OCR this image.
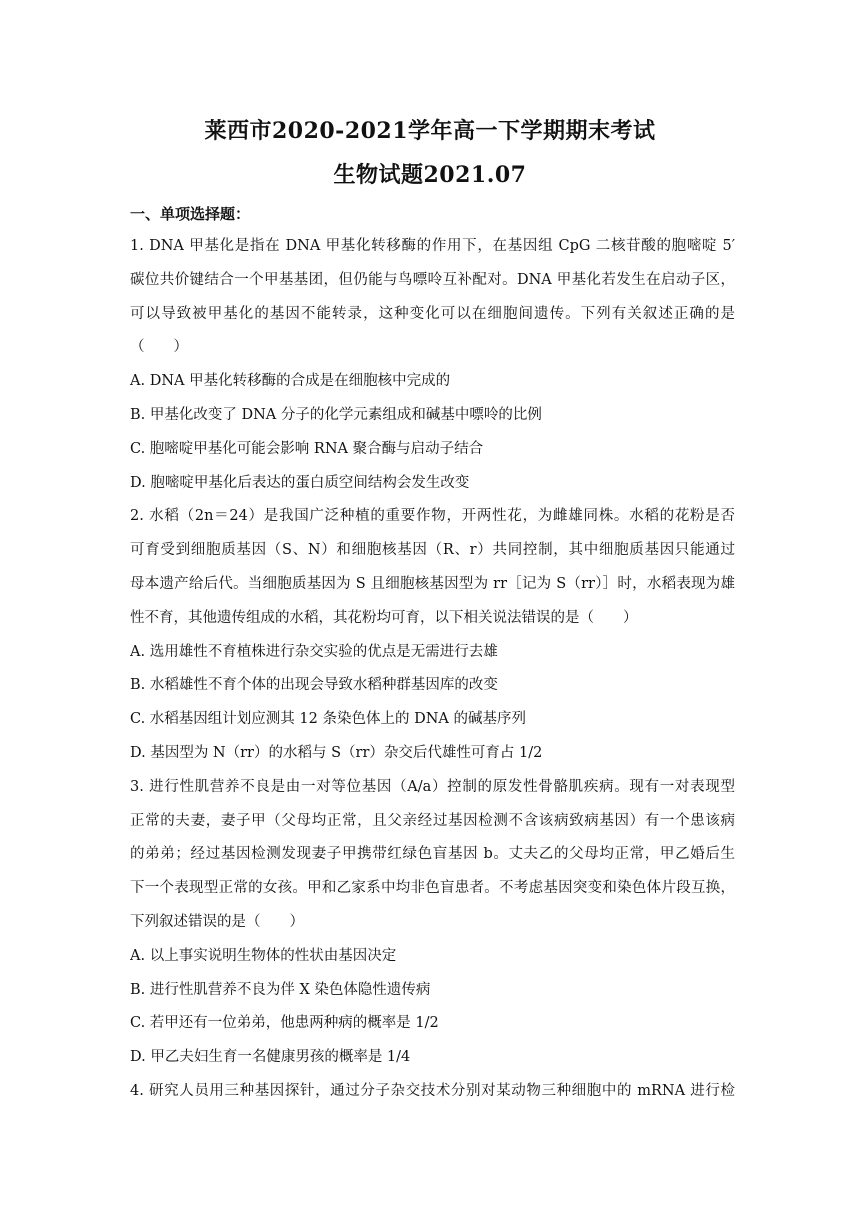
莱西市2020-2021学年高一下学期期末考试
生物试题2021.07
一、单项选择题：
1. DNA 甲基化是指在 DNA 甲基化转移酶的作用下，在基因组 CpG 二核苷酸的胞嘧啶 5′
碳位共价键结合一个甲基基团，但仍能与鸟嘌呤互补配对。DNA 甲基化若发生在启动子区，
可以导致被甲基化的基因不能转录，这种变化可以在细胞间遗传。下列有关叙述正确的是
（　　）
A. DNA 甲基化转移酶的合成是在细胞核中完成的
B. 甲基化改变了 DNA 分子的化学元素组成和碱基中嘌呤的比例
C. 胞嘧啶甲基化可能会影响 RNA 聚合酶与启动子结合
D. 胞嘧啶甲基化后表达的蛋白质空间结构会发生改变
2. 水稻（2n＝24）是我国广泛种植的重要作物，开两性花，为雌雄同株。水稻的花粉是否
可育受到细胞质基因（S、N）和细胞核基因（R、r）共同控制，其中细胞质基因只能通过
母本遗产给后代。当细胞质基因为 S 且细胞核基因型为 rr［记为 S（rr）］时，水稻表现为雄
性不育，其他遗传组成的水稻，其花粉均可育，以下相关说法错误的是（　　）
A. 选用雄性不育植株进行杂交实验的优点是无需进行去雄
B. 水稻雄性不育个体的出现会导致水稻种群基因库的改变
C. 水稻基因组计划应测其 12 条染色体上的 DNA 的碱基序列
D. 基因型为 N（rr）的水稻与 S（rr）杂交后代雄性可育占 1/2
3. 进行性肌营养不良是由一对等位基因（A/a）控制的原发性骨骼肌疾病。现有一对表现型
正常的夫妻，妻子甲（父母均正常，且父亲经过基因检测不含该病致病基因）有一个患该病
的弟弟；经过基因检测发现妻子甲携带红绿色盲基因 b。丈夫乙的父母均正常，甲乙婚后生
下一个表现型正常的女孩。甲和乙家系中均非色盲患者。不考虑基因突变和染色体片段互换，
下列叙述错误的是（　　）
A. 以上事实说明生物体的性状由基因决定
B. 进行性肌营养不良为伴 X 染色体隐性遗传病
C. 若甲还有一位弟弟，他患两种病的概率是 1/2
D. 甲乙夫妇生育一名健康男孩的概率是 1/4
4. 研究人员用三种基因探针，通过分子杂交技术分别对某动物三种细胞中的 mRNA 进行检
